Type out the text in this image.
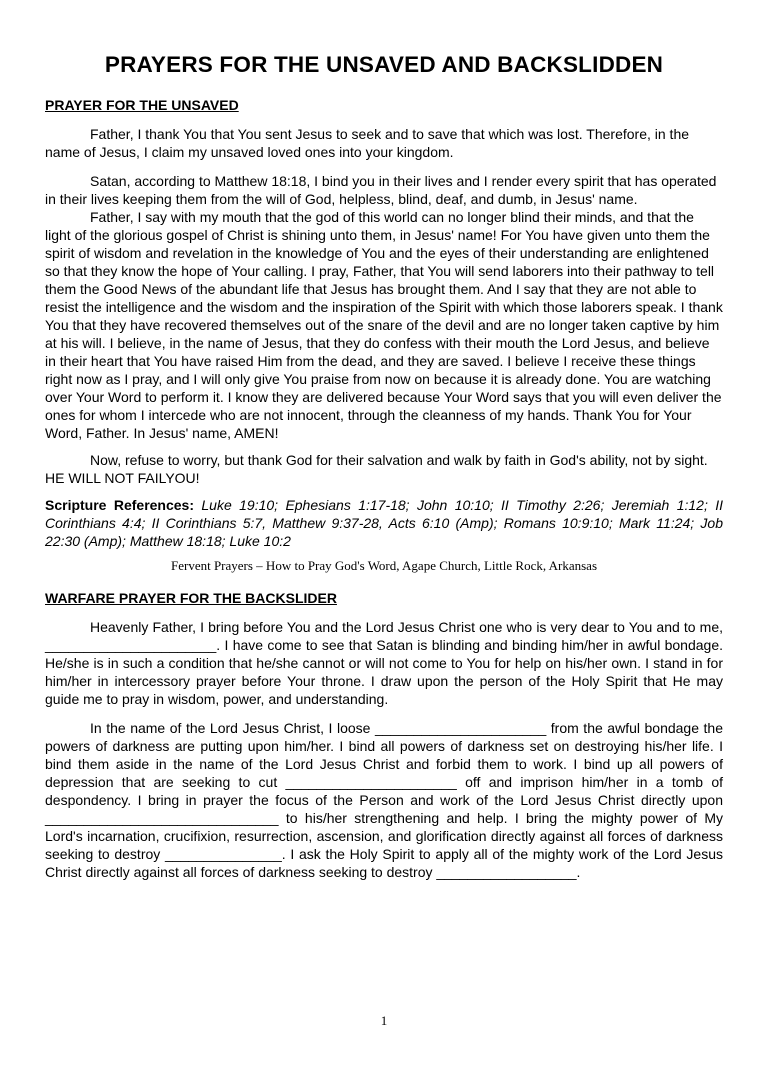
PRAYERS FOR THE UNSAVED AND BACKSLIDDEN
PRAYER FOR THE UNSAVED

Father, I thank You that You sent Jesus to seek and to save that which was lost. Therefore, in the name of Jesus, I claim my unsaved loved ones into your kingdom.

Satan, according to Matthew 18:18, I bind you in their lives and I render every spirit that has operated in their lives keeping them from the will of God, helpless, blind, deaf, and dumb, in Jesus' name.

Father, I say with my mouth that the god of this world can no longer blind their minds, and that the light of the glorious gospel of Christ is shining unto them, in Jesus' name! For You have given unto them the spirit of wisdom and revelation in the knowledge of You and the eyes of their understanding are enlightened so that they know the hope of Your calling. I pray, Father, that You will send laborers into their pathway to tell them the Good News of the abundant life that Jesus has brought them. And I say that they are not able to resist the intelligence and the wisdom and the inspiration of the Spirit with which those laborers speak. I thank You that they have recovered themselves out of the snare of the devil and are no longer taken captive by him at his will. I believe, in the name of Jesus, that they do confess with their mouth the Lord Jesus, and believe in their heart that You have raised Him from the dead, and they are saved. I believe I receive these things right now as I pray, and I will only give You praise from now on because it is already done. You are watching over Your Word to perform it. I know they are delivered because Your Word says that you will even deliver the ones for whom I intercede who are not innocent, through the cleanness of my hands. Thank You for Your Word, Father. In Jesus' name, AMEN!

Now, refuse to worry, but thank God for their salvation and walk by faith in God's ability, not by sight. HE WILL NOT FAILYOU!

Scripture References: Luke 19:10; Ephesians 1:17-18; John 10:10; II Timothy 2:26; Jeremiah 1:12; II Corinthians 4:4; II Corinthians 5:7, Matthew 9:37-28, Acts 6:10 (Amp); Romans 10:9:10; Mark 11:24; Job 22:30 (Amp); Matthew 18:18; Luke 10:2
Fervent Prayers – How to Pray God's Word, Agape Church, Little Rock, Arkansas
WARFARE PRAYER FOR THE BACKSLIDER

Heavenly Father, I bring before You and the Lord Jesus Christ one who is very dear to You and to me, ______________________. I have come to see that Satan is blinding and binding him/her in awful bondage. He/she is in such a condition that he/she cannot or will not come to You for help on his/her own. I stand in for him/her in intercessory prayer before Your throne. I draw upon the person of the Holy Spirit that He may guide me to pray in wisdom, power, and understanding.

In the name of the Lord Jesus Christ, I loose ______________________ from the awful bondage the powers of darkness are putting upon him/her. I bind all powers of darkness set on destroying his/her life. I bind them aside in the name of the Lord Jesus Christ and forbid them to work. I bind up all powers of depression that are seeking to cut ______________________ off and imprison him/her in a tomb of despondency. I bring in prayer the focus of the Person and work of the Lord Jesus Christ directly upon ______________________________ to his/her strengthening and help. I bring the mighty power of My Lord's incarnation, crucifixion, resurrection, ascension, and glorification directly against all forces of darkness seeking to destroy _______________. I ask the Holy Spirit to apply all of the mighty work of the Lord Jesus Christ directly against all forces of darkness seeking to destroy __________________.

1
